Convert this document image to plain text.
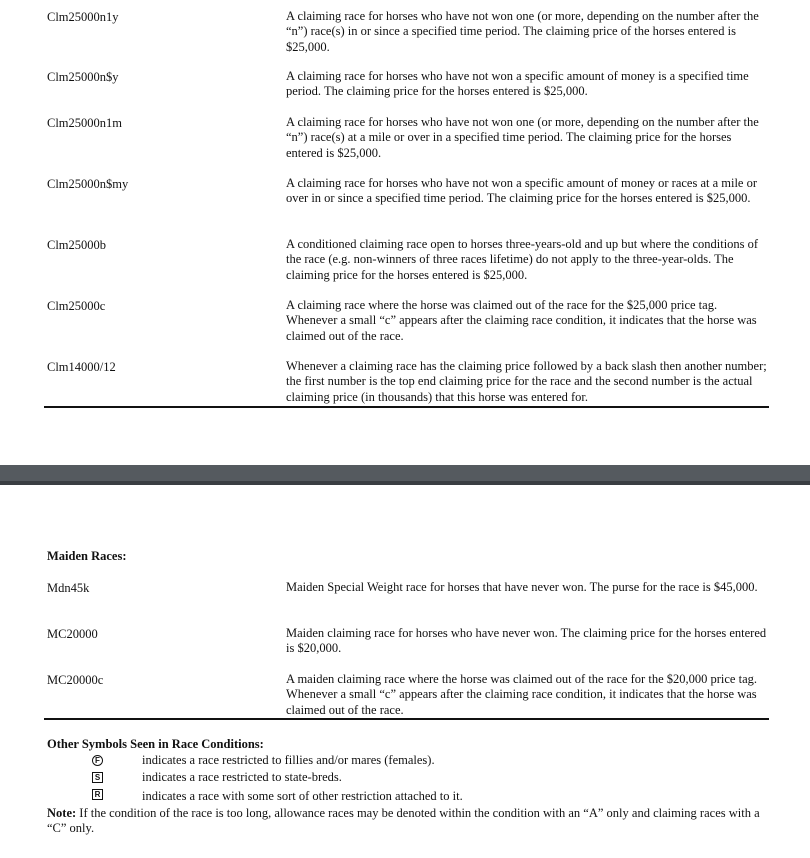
Clm25000n1y	A claiming race for horses who have not won one (or more, depending on the number after the “n”) race(s) in or since a specified time period. The claiming price of the horses entered is $25,000.
Clm25000n$y	A claiming race for horses who have not won a specific amount of money is a specified time period. The claiming price for the horses entered is $25,000.
Clm25000n1m	A claiming race for horses who have not won one (or more, depending on the number after the “n”) race(s) at a mile or over in a specified time period. The claiming price for the horses entered is $25,000.
Clm25000n$my	A claiming race for horses who have not won a specific amount of money or races at a mile or over in or since a specified time period. The claiming price for the horses entered is $25,000.
Clm25000b	A conditioned claiming race open to horses three-years-old and up but where the conditions of the race (e.g. non-winners of three races lifetime) do not apply to the three-year-olds. The claiming price for the horses entered is $25,000.
Clm25000c	A claiming race where the horse was claimed out of the race for the $25,000 price tag. Whenever a small “c” appears after the claiming race condition, it indicates that the horse was claimed out of the race.
Clm14000/12	Whenever a claiming race has the claiming price followed by a back slash then another number; the first number is the top end claiming price for the race and the second number is the actual claiming price (in thousands) that this horse was entered for.
Maiden Races:
Mdn45k	Maiden Special Weight race for horses that have never won. The purse for the race is $45,000.
MC20000	Maiden claiming race for horses who have never won. The claiming price for the horses entered is $20,000.
MC20000c	A maiden claiming race where the horse was claimed out of the race for the $20,000 price tag. Whenever a small “c” appears after the claiming race condition, it indicates that the horse was claimed out of the race.
Other Symbols Seen in Race Conditions:
F	indicates a race restricted to fillies and/or mares (females).
S	indicates a race restricted to state-breds.
R	indicates a race with some sort of other restriction attached to it.
Note: If the condition of the race is too long, allowance races may be denoted within the condition with an “A” only and claiming races with a “C” only.
